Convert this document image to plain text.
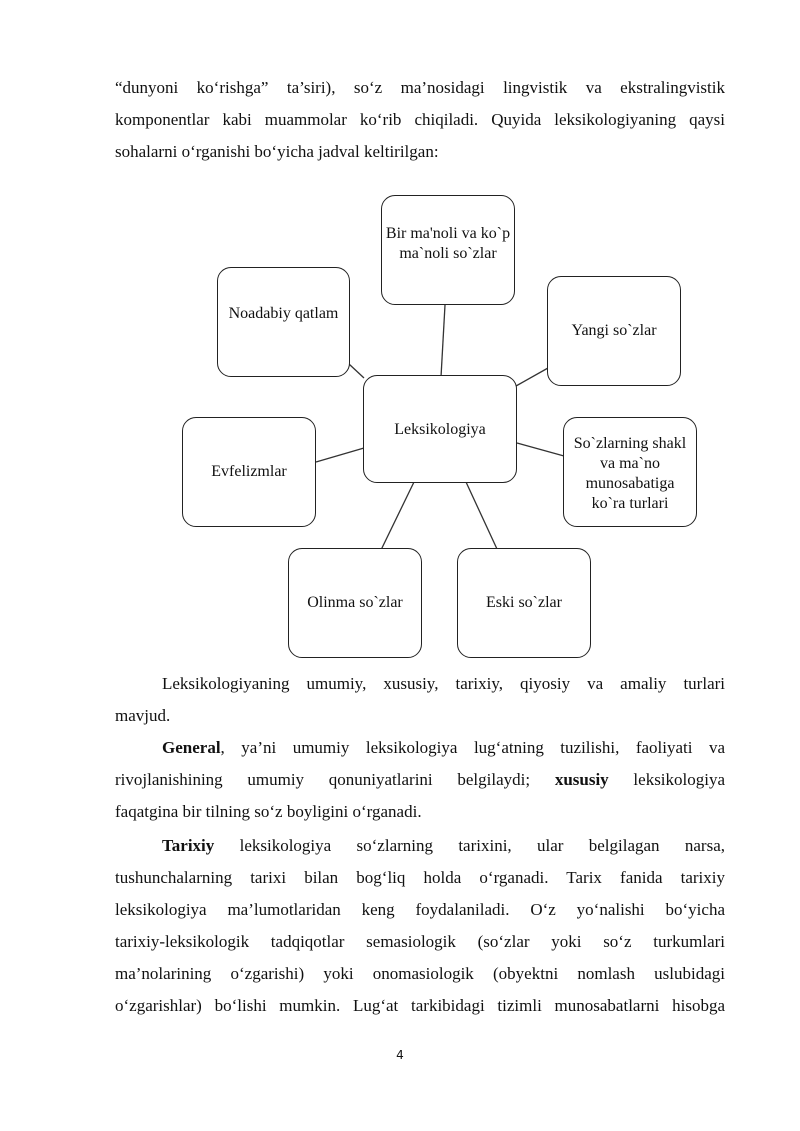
“dunyoni ko‘rishga” ta’siri), so‘z ma’nosidagi lingvistik va ekstralingvistik
komponentlar kabi muammolar ko‘rib chiqiladi. Quyida leksikologiyaning qaysi
sohalarni o‘rganishi bo‘yicha jadval keltirilgan:
Bir ma'noli va ko`p ma`noli so`zlar
Noadabiy qatlam
Yangi so`zlar
Leksikologiya
Evfelizmlar
So`zlarning shakl va ma`no munosabatiga ko`ra turlari
Olinma so`zlar	Eski so`zlar
Leksikologiyaning umumiy, xususiy, tarixiy, qiyosiy va amaliy turlari
mavjud.
General, ya’ni umumiy leksikologiya lug‘atning tuzilishi, faoliyati va
rivojlanishining umumiy qonuniyatlarini belgilaydi; xususiy leksikologiya
faqatgina bir tilning so‘z boyligini o‘rganadi.
Tarixiy leksikologiya so‘zlarning tarixini, ular belgilagan narsa,
tushunchalarning tarixi bilan bog‘liq holda o‘rganadi. Tarix fanida tarixiy
leksikologiya ma’lumotlaridan keng foydalaniladi. O‘z yo‘nalishi bo‘yicha
tarixiy-leksikologik tadqiqotlar semasiologik (so‘zlar yoki so‘z turkumlari
ma’nolarining o‘zgarishi) yoki onomasiologik (obyektni nomlash uslubidagi
o‘zgarishlar) bo‘lishi mumkin. Lug‘at tarkibidagi tizimli munosabatlarni hisobga
4
